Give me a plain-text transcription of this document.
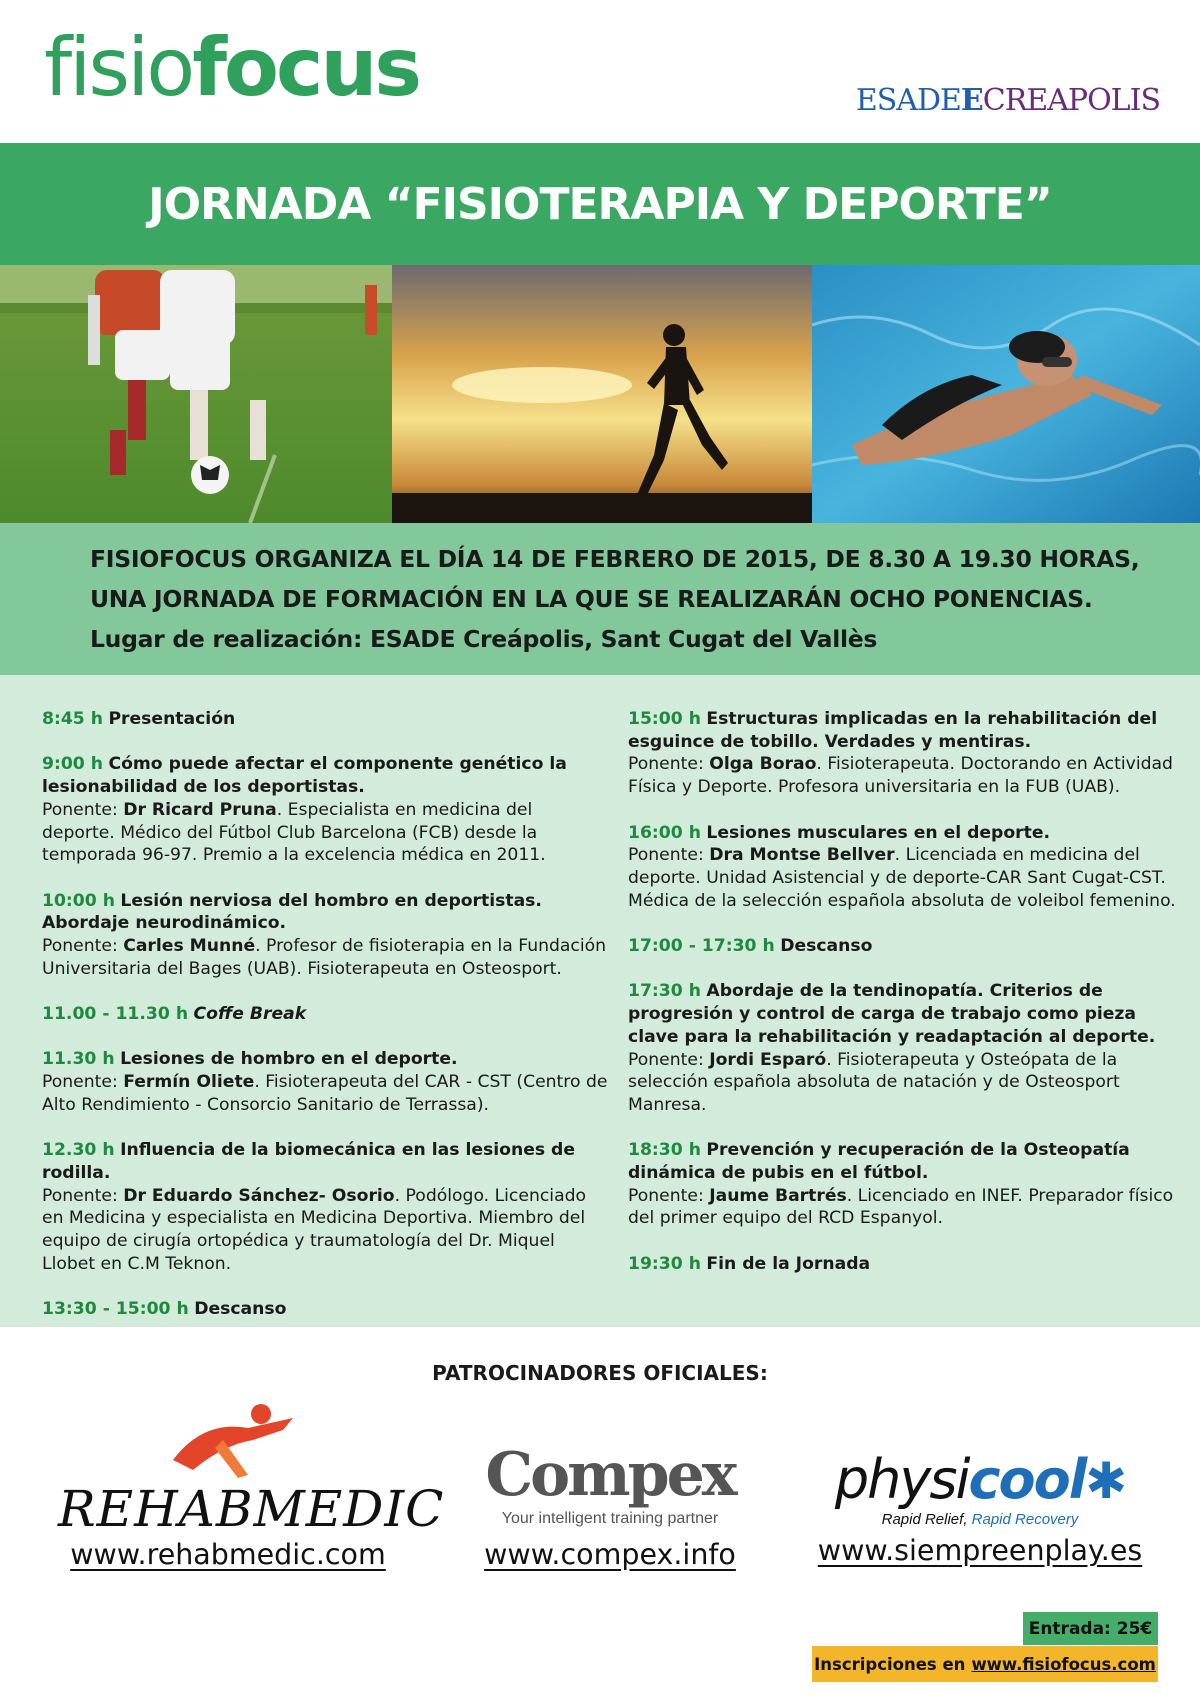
fisiofocus	ESADEECREAPOLIS
JORNADA “FISIOTERAPIA Y DEPORTE”

FISIOFOCUS ORGANIZA EL DÍA 14 DE FEBRERO DE 2015, DE 8.30 A 19.30 HORAS,

UNA JORNADA DE FORMACIÓN EN LA QUE SE REALIZARÁN OCHO PONENCIAS.

Lugar de realización: ESADE Creápolis, Sant Cugat del Vallès

8:45 h Presentación
9:00 h Cómo puede afectar el componente genético la lesionabilidad de los deportistas.
Ponente: Dr Ricard Pruna. Especialista en medicina del deporte. Médico del Fútbol Club Barcelona (FCB) desde la temporada 96-97. Premio a la excelencia médica en 2011.
10:00 h Lesión nerviosa del hombro en deportistas. Abordaje neurodinámico.
Ponente: Carles Munné. Profesor de fisioterapia en la Fundación Universitaria del Bages (UAB). Fisioterapeuta en Osteosport.
11.00 - 11.30 h Coffe Break
11.30 h Lesiones de hombro en el deporte.
Ponente: Fermín Oliete. Fisioterapeuta del CAR - CST (Centro de Alto Rendimiento - Consorcio Sanitario de Terrassa).
12.30 h Influencia de la biomecánica en las lesiones de rodilla.
Ponente: Dr Eduardo Sánchez- Osorio. Podólogo. Licenciado en Medicina y especialista en Medicina Deportiva. Miembro del equipo de cirugía ortopédica y traumatología del Dr. Miquel Llobet en C.M Teknon.
13:30 - 15:00 h Descanso
15:00 h Estructuras implicadas en la rehabilitación del esguince de tobillo. Verdades y mentiras.
Ponente: Olga Borao. Fisioterapeuta. Doctorando en Actividad Física y Deporte. Profesora universitaria en la FUB (UAB).
16:00 h Lesiones musculares en el deporte.
Ponente: Dra Montse Bellver. Licenciada en medicina del deporte. Unidad Asistencial y de deporte-CAR Sant Cugat-CST. Médica de la selección española absoluta de voleibol femenino.
17:00 - 17:30 h Descanso
17:30 h Abordaje de la tendinopatía. Criterios de progresión y control de carga de trabajo como pieza clave para la rehabilitación y readaptación al deporte.
Ponente: Jordi Esparó. Fisioterapeuta y Osteópata de la selección española absoluta de natación y de Osteosport Manresa.
18:30 h Prevención y recuperación de la Osteopatía dinámica de pubis en el fútbol.
Ponente: Jaume Bartrés. Licenciado en INEF. Preparador físico del primer equipo del RCD Espanyol.
19:30 h Fin de la Jornada
PATROCINADORES OFICIALES:
REHABMEDIC
www.rehabmedic.com
Compex
Your intelligent training partner
www.compex.info
physicool✱
Rapid Relief, Rapid Recovery
www.siempreenplay.es
Entrada: 25€
Inscripciones en www.fisiofocus.com
